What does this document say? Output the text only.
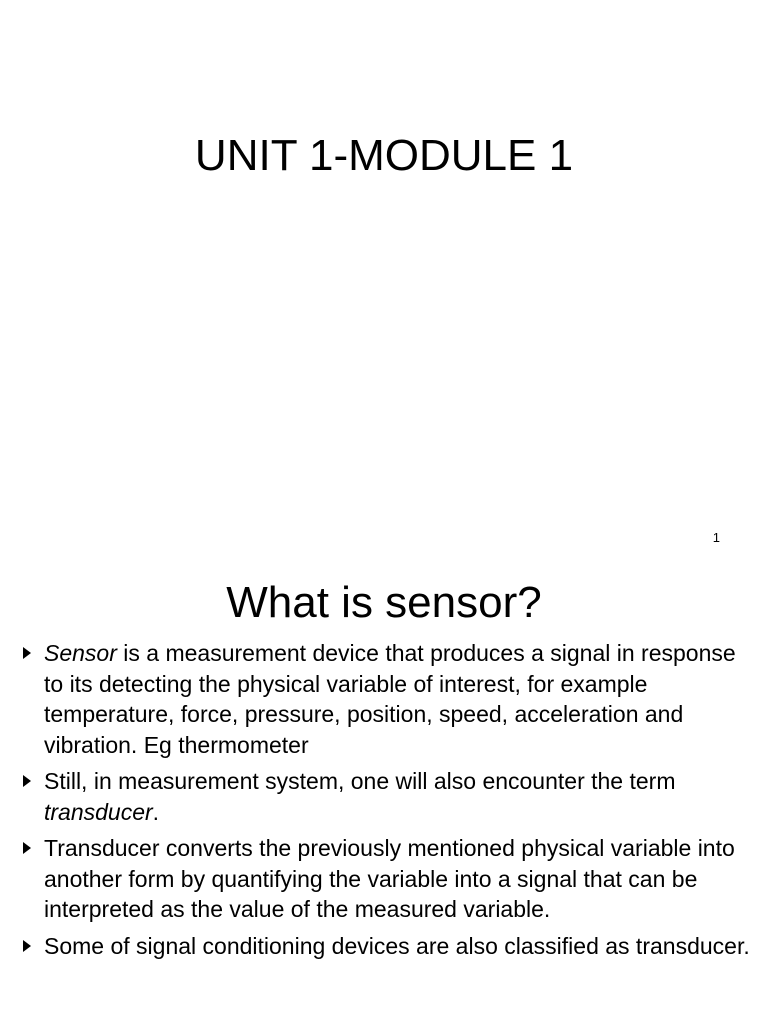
UNIT 1-MODULE 1
1
What is sensor?
Sensor is a measurement device that produces a signal in response to its detecting the physical variable of interest, for example temperature, force, pressure, position, speed, acceleration and vibration. Eg thermometer
Still, in measurement system, one will also encounter the term transducer.
Transducer converts the previously mentioned physical variable into another form by quantifying the variable into a signal that can be interpreted as the value of the measured variable.
Some of signal conditioning devices are also classified as transducer.
